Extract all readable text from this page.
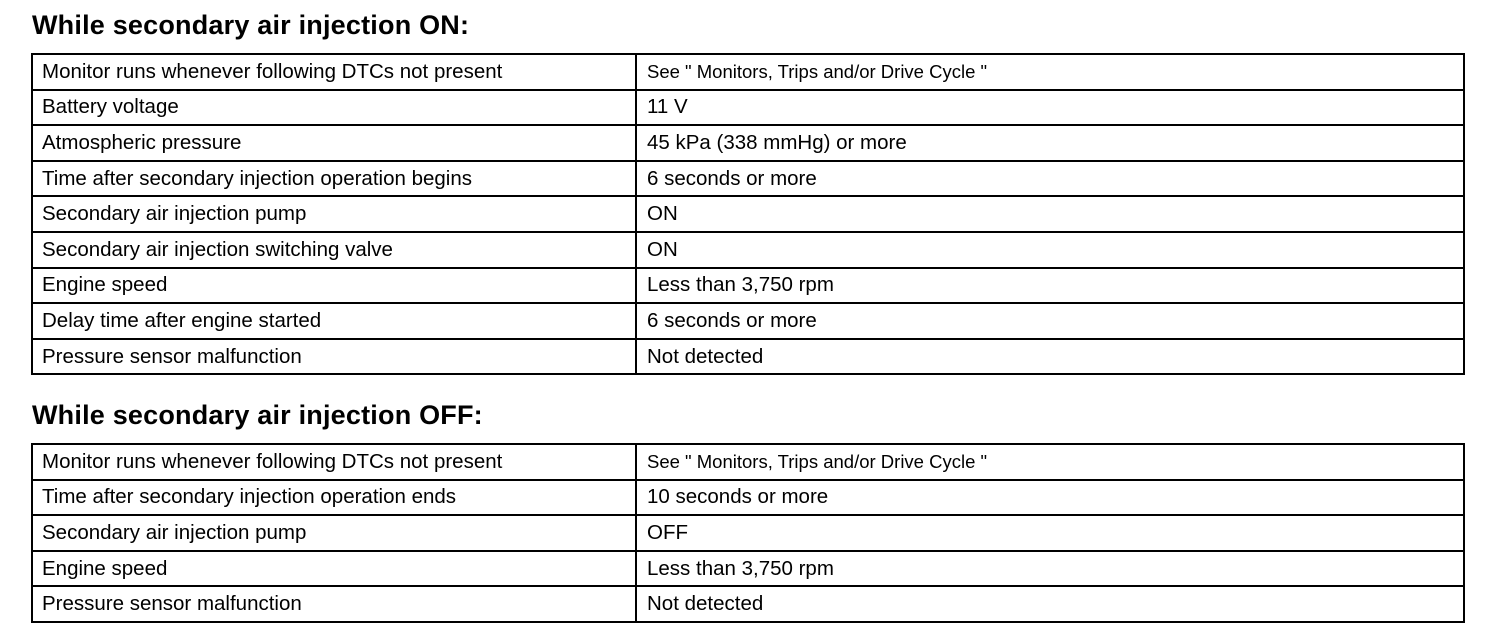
While secondary air injection ON:
Monitor runs whenever following DTCs not present	See " Monitors, Trips and/or Drive Cycle "
Battery voltage	11 V
Atmospheric pressure	45 kPa (338 mmHg) or more
Time after secondary injection operation begins	6 seconds or more
Secondary air injection pump	ON
Secondary air injection switching valve	ON
Engine speed	Less than 3,750 rpm
Delay time after engine started	6 seconds or more
Pressure sensor malfunction	Not detected
While secondary air injection OFF:
Monitor runs whenever following DTCs not present	See " Monitors, Trips and/or Drive Cycle "
Time after secondary injection operation ends	10 seconds or more
Secondary air injection pump	OFF
Engine speed	Less than 3,750 rpm
Pressure sensor malfunction	Not detected
